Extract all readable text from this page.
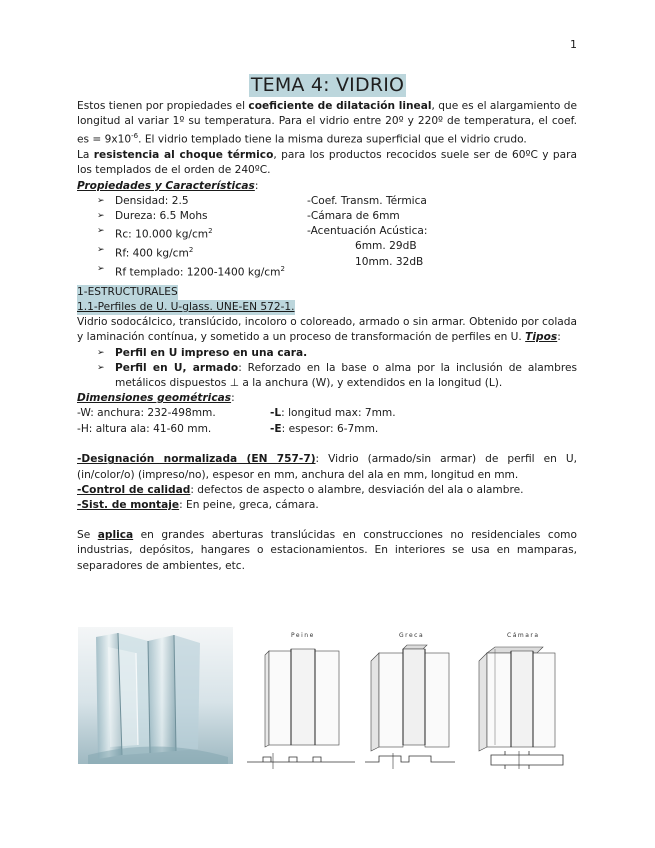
1
TEMA 4: VIDRIO

Estos tienen por propiedades el coeficiente de dilatación lineal, que es el alargamiento de longitud al variar 1º su temperatura. Para el vidrio entre 20º y 220º de temperatura, el coef. es = $9x10^{-6}$. El vidrio templado tiene la misma dureza superficial que el vidrio crudo.

La resistencia al choque térmico, para los productos recocidos suele ser de 60ºC y para los templados de el orden de 240ºC.

Propiedades y Características:

➢ Densidad: 2.5
➢ Dureza: 6.5 Mohs
➢ Rc: 10.000 $kg/cm^2$
➢ Rf: 400 $kg/cm^2$
➢ Rf templado: 1200-1400 $kg/cm^2$
-Coef. Transm. Térmica
-Cámara de 6mm
-Acentuación Acústica:
6mm. 29dB
10mm. 32dB

1-ESTRUCTURALES

1.1-Perfiles de U. U-glass. UNE-EN 572-1.

Vidrio sodocálcico, translúcido, incoloro o coloreado, armado o sin armar. Obtenido por colada y laminación contínua, y sometido a un proceso de transformación de perfiles en U. Tipos:

➢ Perfil en U impreso en una cara.
➢ Perfil en U, armado: Reforzado en la base o alma por la inclusión de alambres metálicos dispuestos ⊥ a la anchura (W), y extendidos en la longitud (L).

Dimensiones geométricas:

-W: anchura: 232-498mm.
-H: altura ala: 41-60 mm.
-L: longitud max: 7mm.
-E: espesor: 6-7mm.

-Designación normalizada (EN 757-7): Vidrio (armado/sin armar) de perfil en U, (in/color/o) (impreso/no), espesor en mm, anchura del ala en mm, longitud en mm.

-Control de calidad: defectos de aspecto o alambre, desviación del ala o alambre.

-Sist. de montaje: En peine, greca, cámara.

Se aplica en grandes aberturas translúcidas en construcciones no residenciales como industrias, depósitos, hangares o estacionamientos. En interiores se usa en mamparas, separadores de ambientes, etc.

Peine	Greca	Cámara
